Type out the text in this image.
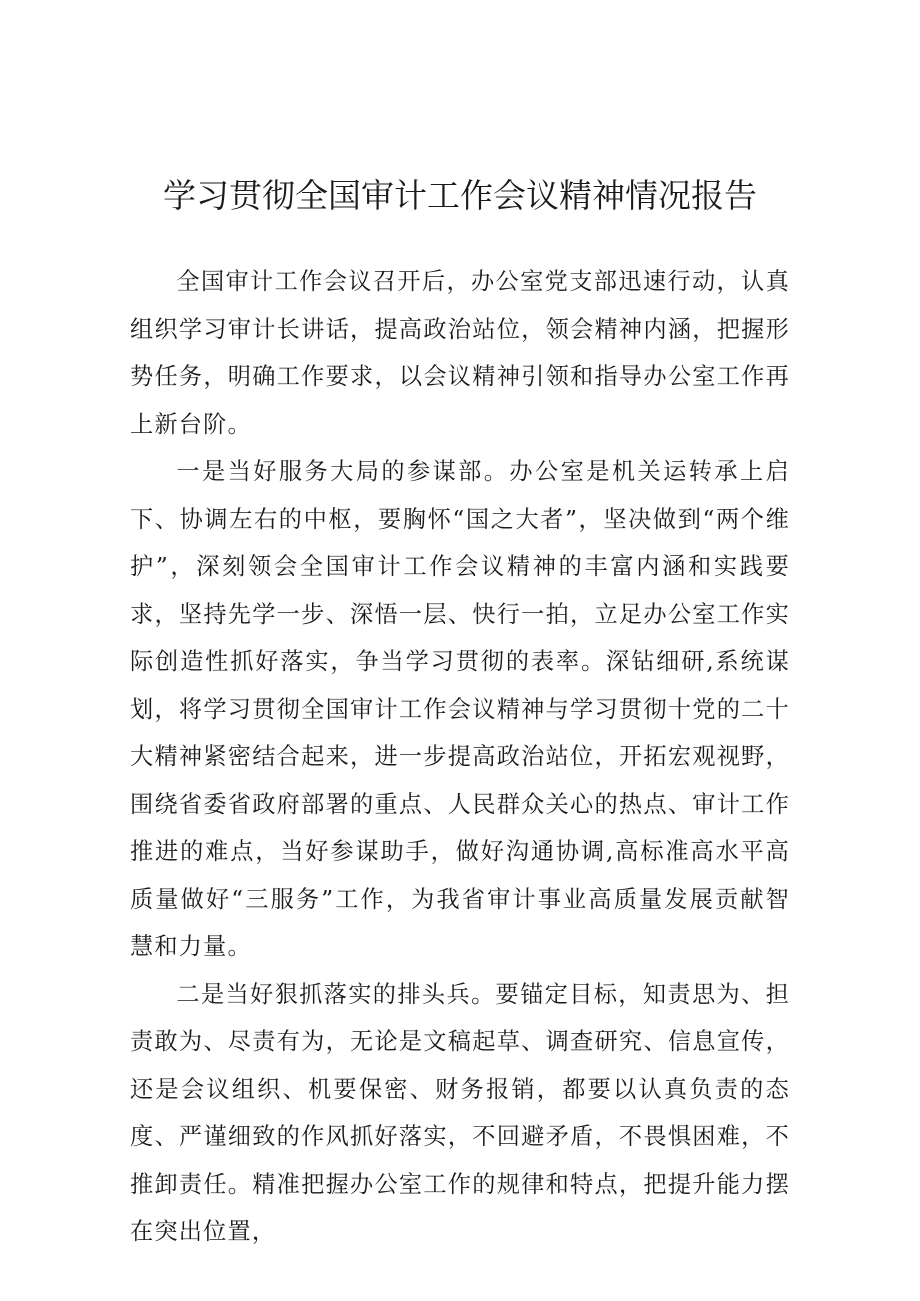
学习贯彻全国审计工作会议精神情况报告

全国审计工作会议召开后，办公室党支部迅速行动，认真组织学习审计长讲话，提高政治站位，领会精神内涵，把握形势任务，明确工作要求，以会议精神引领和指导办公室工作再上新台阶。

一是当好服务大局的参谋部。办公室是机关运转承上启下、协调左右的中枢，要胸怀“国之大者”，坚决做到“两个维护”，深刻领会全国审计工作会议精神的丰富内涵和实践要求，坚持先学一步、深悟一层、快行一拍，立足办公室工作实际创造性抓好落实，争当学习贯彻的表率。深钻细研,系统谋划，将学习贯彻全国审计工作会议精神与学习贯彻十党的二十大精神紧密结合起来，进一步提高政治站位，开拓宏观视野，围绕省委省政府部署的重点、人民群众关心的热点、审计工作推进的难点，当好参谋助手，做好沟通协调,高标准高水平高质量做好“三服务”工作，为我省审计事业高质量发展贡献智慧和力量。

二是当好狠抓落实的排头兵。要锚定目标，知责思为、担责敢为、尽责有为，无论是文稿起草、调查研究、信息宣传，还是会议组织、机要保密、财务报销，都要以认真负责的态度、严谨细致的作风抓好落实，不回避矛盾，不畏惧困难，不推卸责任。精准把握办公室工作的规律和特点，把提升能力摆在突出位置，
